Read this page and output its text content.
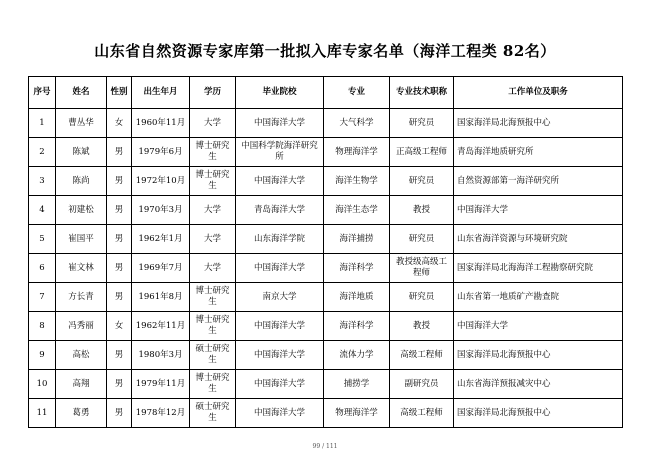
山东省自然资源专家库第一批拟入库专家名单（海洋工程类 82名）
序号	姓名	性别	出生年月	学历	毕业院校	专业	专业技术职称	工作单位及职务
1	曹丛华	女	1960年11月	大学	中国海洋大学	大气科学	研究员	国家海洋局北海预报中心
2	陈斌	男	1979年6月	博士研究生	中国科学院海洋研究所	物理海洋学	正高级工程师	青岛海洋地质研究所
3	陈尚	男	1972年10月	博士研究生	中国海洋大学	海洋生物学	研究员	自然资源部第一海洋研究所
4	初建松	男	1970年3月	大学	青岛海洋大学	海洋生态学	教授	中国海洋大学
5	崔国平	男	1962年1月	大学	山东海洋学院	海洋捕捞	研究员	山东省海洋资源与环境研究院
6	崔文林	男	1969年7月	大学	中国海洋大学	海洋科学	教授级高级工程师	国家海洋局北海海洋工程勘察研究院
7	方长青	男	1961年8月	博士研究生	南京大学	海洋地质	研究员	山东省第一地质矿产勘查院
8	冯秀丽	女	1962年11月	博士研究生	中国海洋大学	海洋科学	教授	中国海洋大学
9	高松	男	1980年3月	硕士研究生	中国海洋大学	流体力学	高级工程师	国家海洋局北海预报中心
10	高翔	男	1979年11月	博士研究生	中国海洋大学	捕捞学	副研究员	山东省海洋预报减灾中心
11	葛勇	男	1978年12月	硕士研究生	中国海洋大学	物理海洋学	高级工程师	国家海洋局北海预报中心
99 / 111
